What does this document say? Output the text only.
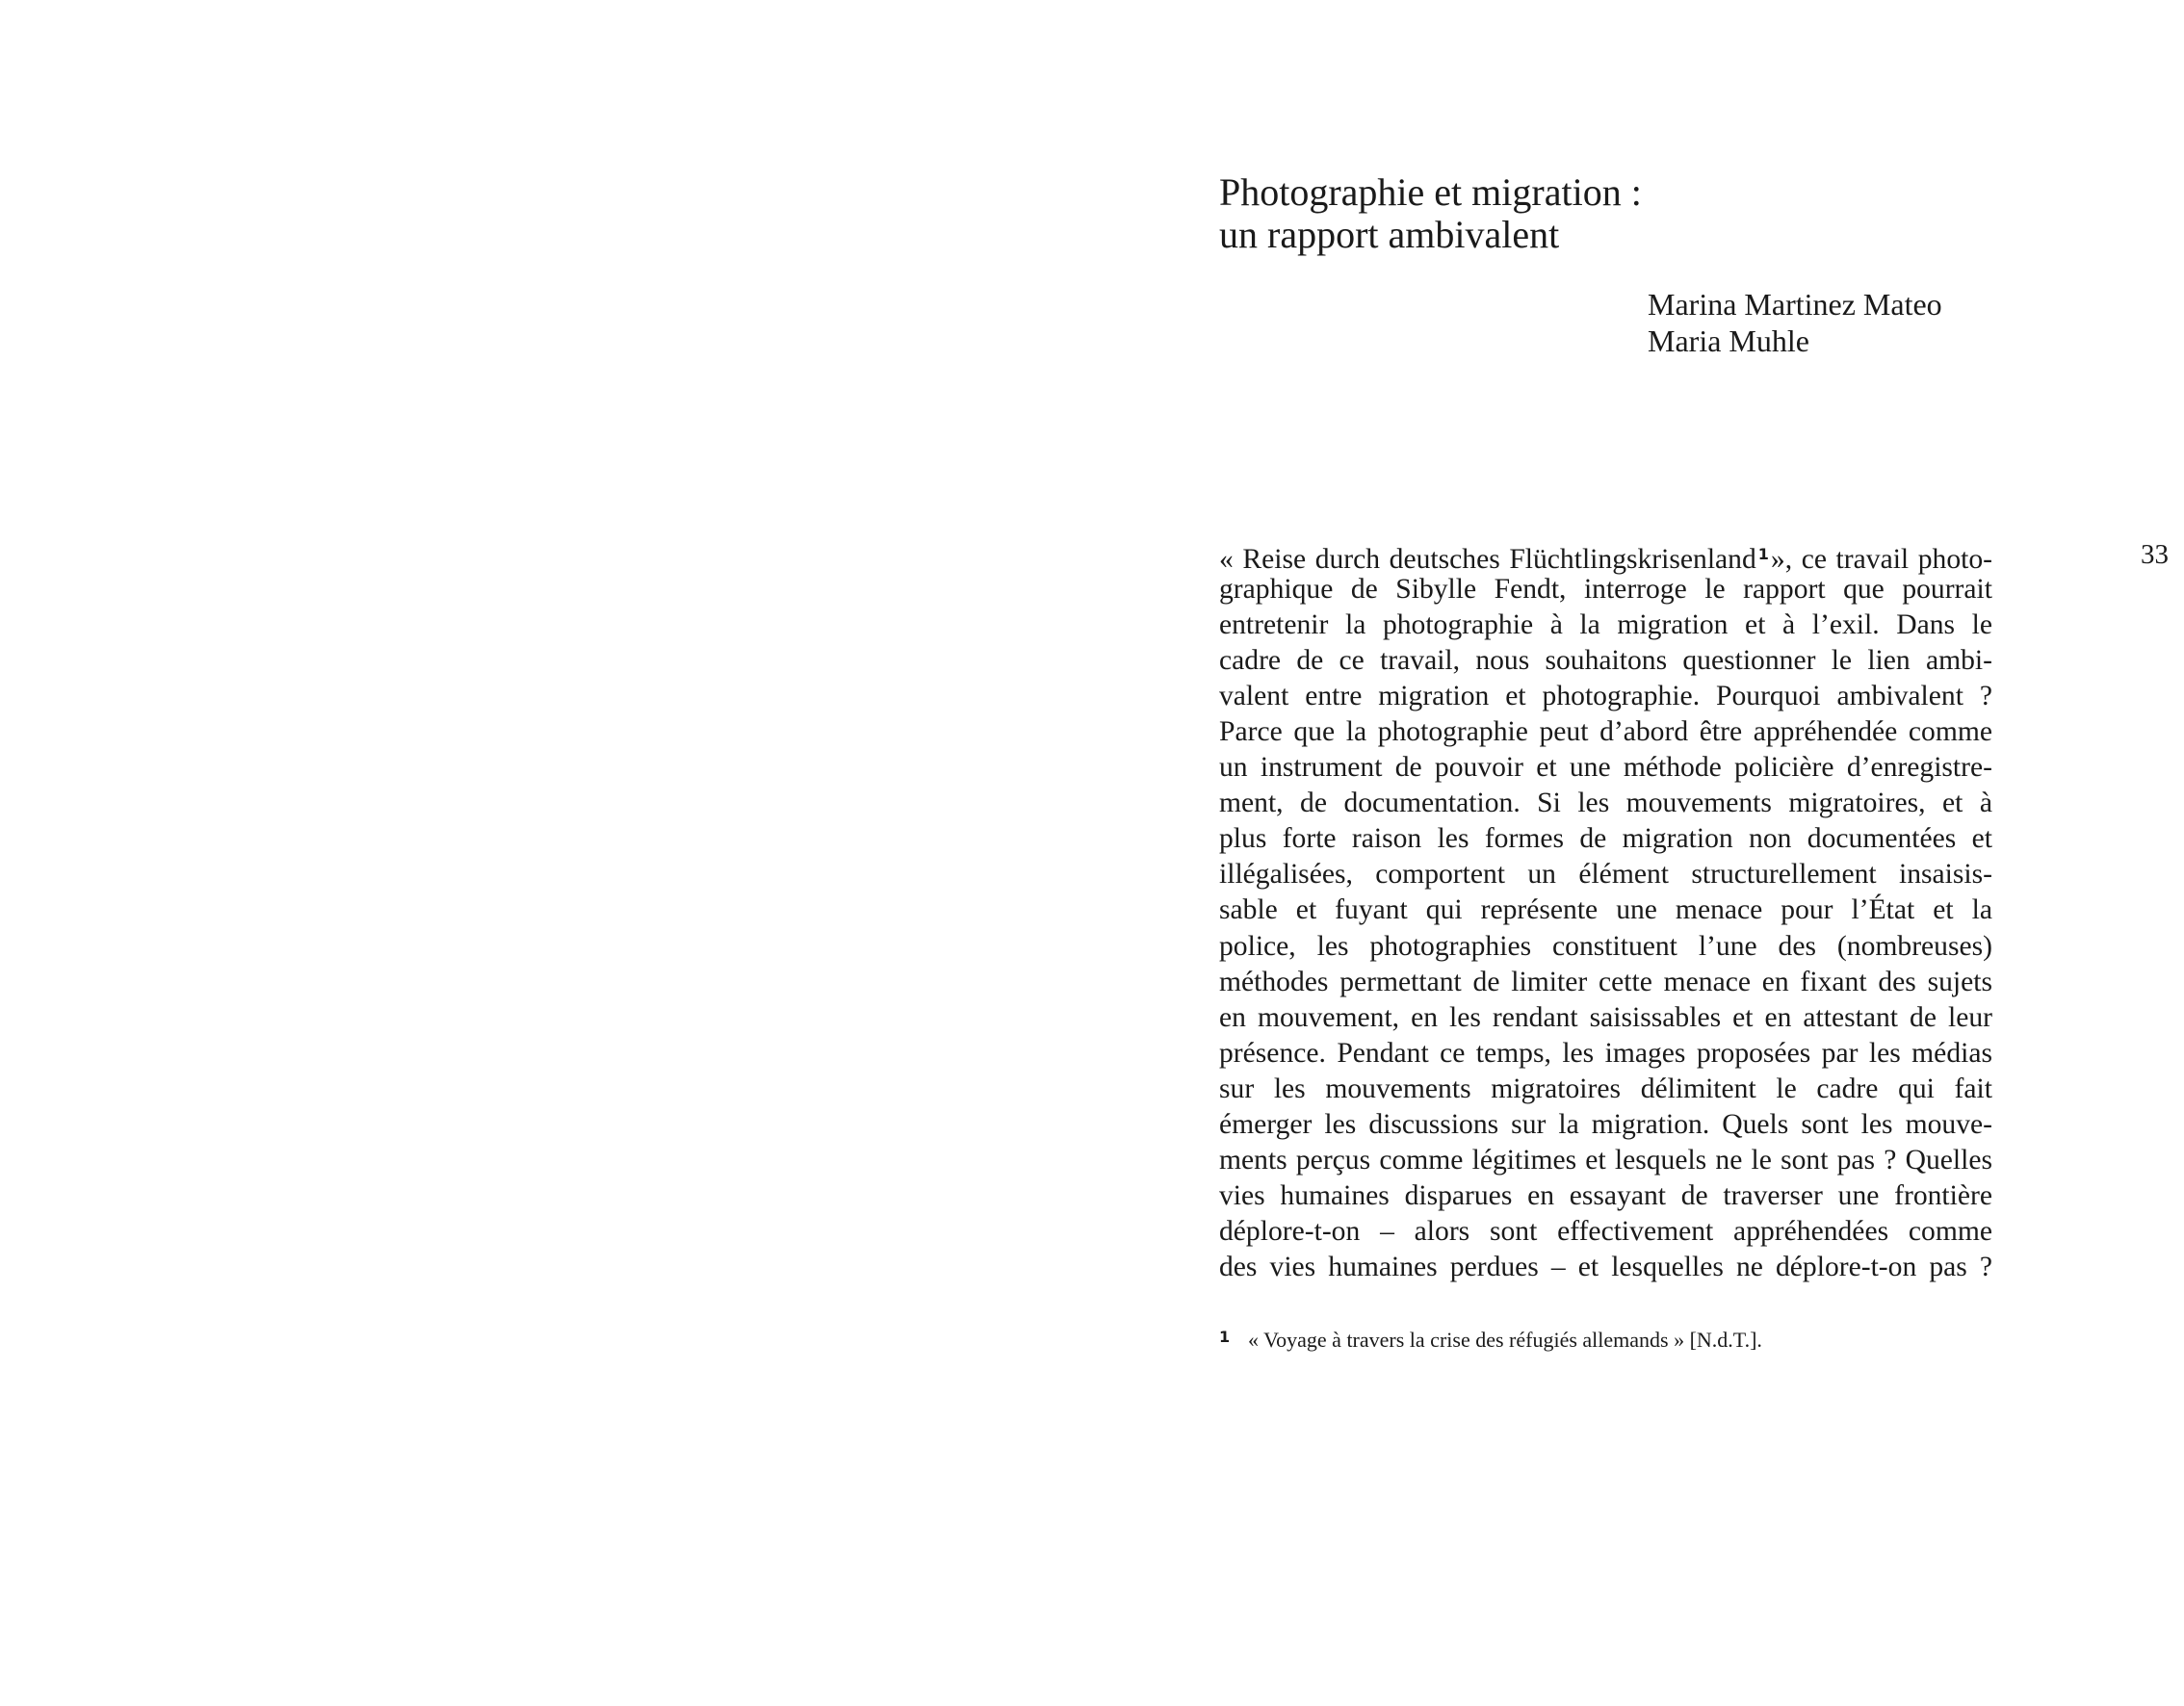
Photographie et migration :
un rapport ambivalent
Marina Martinez Mateo
Maria Muhle
33
« Reise durch deutsches Flüchtlingskrisenland $^1$», ce travail photo-
graphique de Sibylle Fendt, interroge le rapport que pourrait
entretenir la photographie à la migration et à l’exil. Dans le
cadre de ce travail, nous souhaitons questionner le lien ambi-
valent entre migration et photographie. Pourquoi ambivalent ?
Parce que la photographie peut d’abord être appréhendée comme
un instrument de pouvoir et une méthode policière d’enregistre-
ment, de documentation. Si les mouvements migratoires, et à
plus forte raison les formes de migration non documentées et
illégalisées, comportent un élément structurellement insaisis-
sable et fuyant qui représente une menace pour l’État et la
police, les photographies constituent l’une des (nombreuses)
méthodes permettant de limiter cette menace en fixant des sujets
en mouvement, en les rendant saisissables et en attestant de leur
présence. Pendant ce temps, les images proposées par les médias
sur les mouvements migratoires délimitent le cadre qui fait
émerger les discussions sur la migration. Quels sont les mouve-
ments perçus comme légitimes et lesquels ne le sont pas ? Quelles
vies humaines disparues en essayant de traverser une frontière
déplore-t-on – alors sont effectivement appréhendées comme
des vies humaines perdues – et lesquelles ne déplore-t-on pas ?
1 « Voyage à travers la crise des réfugiés allemands » [N.d.T.].
